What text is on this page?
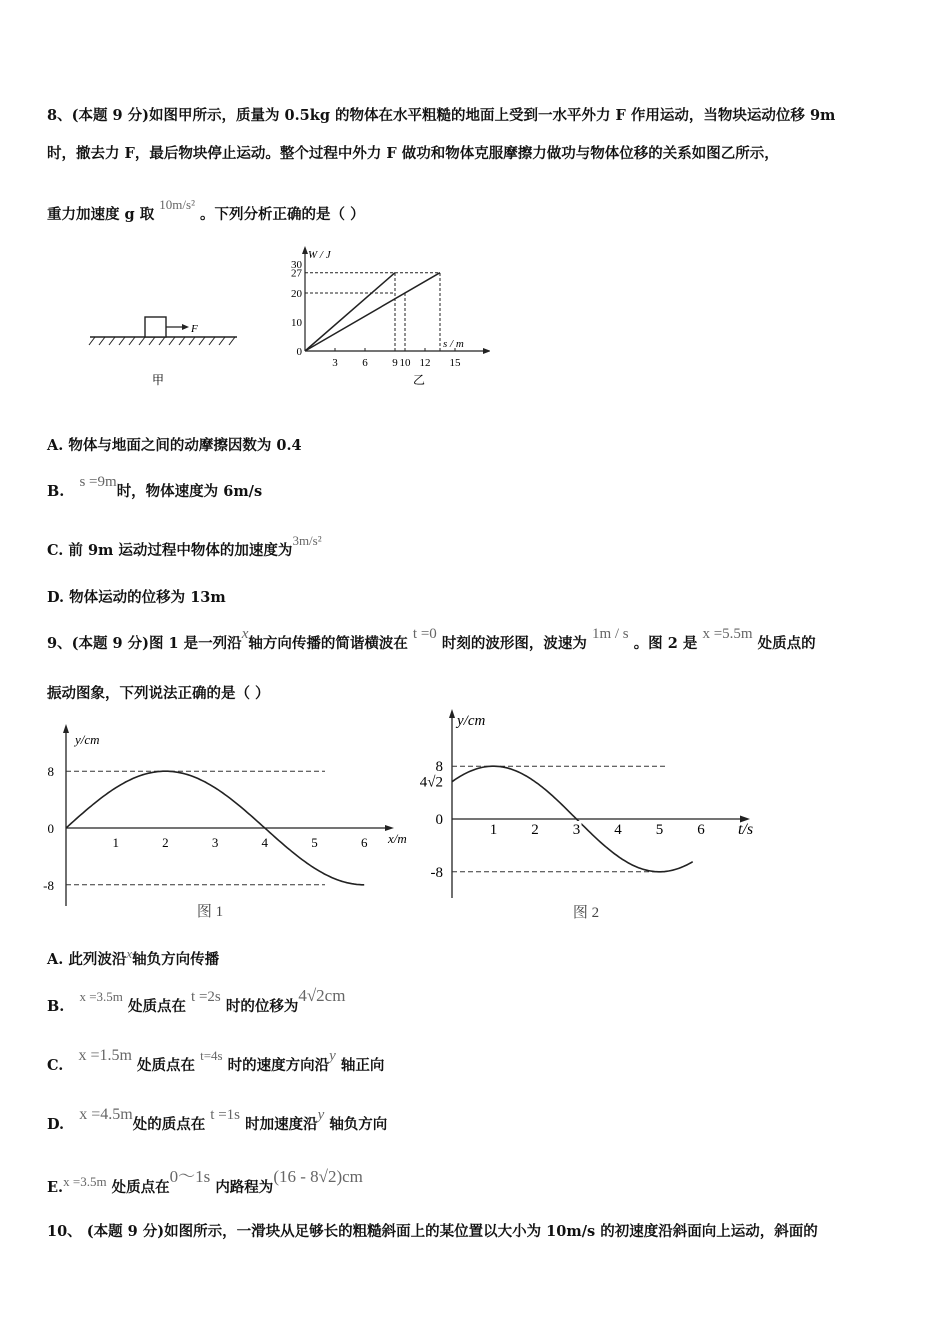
8、(本题 9 分)如图甲所示，质量为 0.5kg 的物体在水平粗糙的地面上受到一水平外力 F 作用运动，当物块运动位移 9m
时，撤去力 F，最后物块停止运动。整个过程中外力 F 做功和物体克服摩擦力做功与物体位移的关系如图乙所示，
重力加速度 g 取 10m/s² 。下列分析正确的是（ ）
F
甲
W / J
s / m
乙
30
27
20
10
0
3 6 9 10 12 15
A. 物体与地面之间的动摩擦因数为 0.4
B.   s =9m时，物体速度为 6m/s
C. 前 9m 运动过程中物体的加速度为3m/s²
D. 物体运动的位移为 13m
9、(本题 9 分)图 1 是一列沿x轴方向传播的简谐横波在 t =0 时刻的波形图，波速为 1m / s 。图 2 是 x =5.5m 处质点的
振动图象，下列说法正确的是（ ）
y/cm
x/m
图 1
1	2	3	4	5	6
8
0
-8
y/cm
t/s
图 2
1 2 3 4 5 6
8
4√2
0
-8
A. 此列波沿x轴负方向传播
B.   x =3.5m 处质点在 t =2s 时的位移为4√2cm
C.   x =1.5m 处质点在 t=4s 时的速度方向沿y 轴正向
D.   x =4.5m处的质点在 t =1s 时加速度沿y 轴负方向
E.x =3.5m 处质点在0～1s 内路程为(16 - 8√2)cm
10、 (本题 9 分)如图所示，一滑块从足够长的粗糙斜面上的某位置以大小为 10m/s 的初速度沿斜面向上运动，斜面的
